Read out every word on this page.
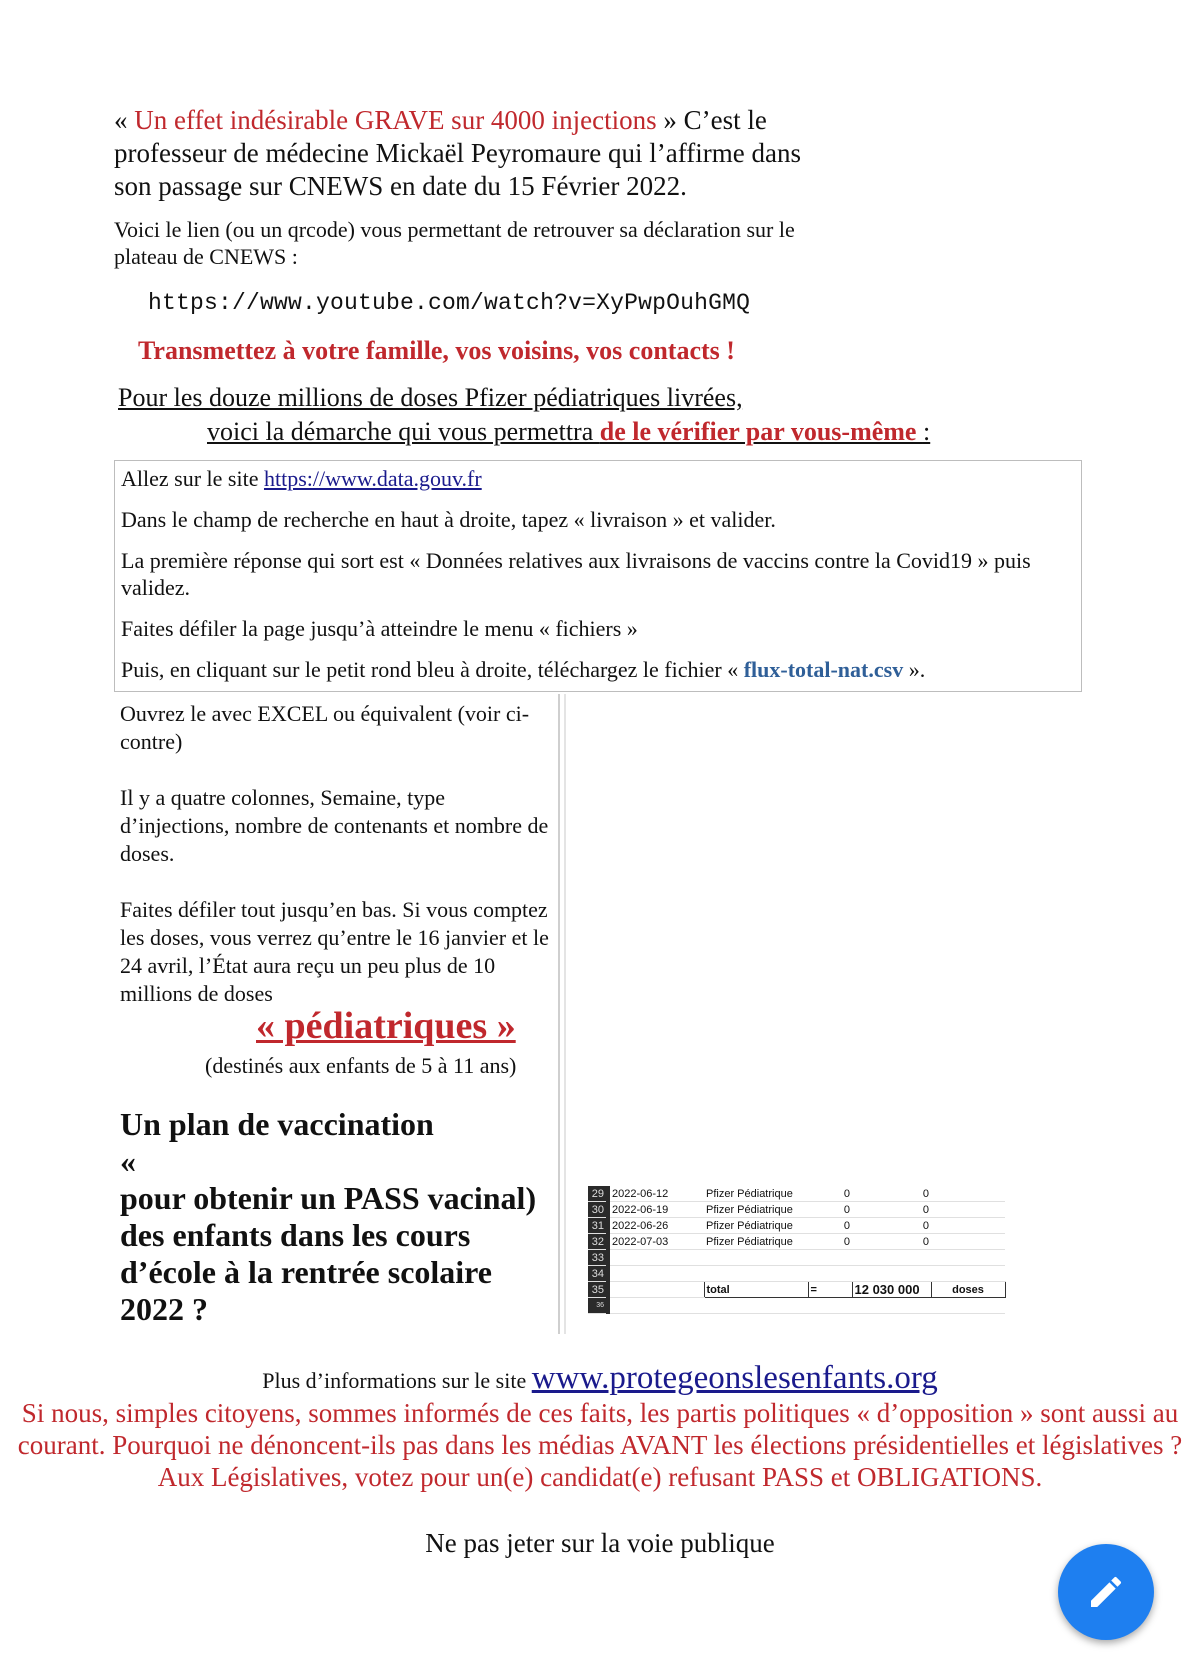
« Un effet indésirable GRAVE sur 4000 injections » C’est le professeur de médecine Mickaël Peyromaure qui l’affirme dans son passage sur CNEWS en date du 15 Février 2022.
Voici le lien (ou un qrcode) vous permettant de retrouver sa déclaration sur le plateau de CNEWS :
https://www.youtube.com/watch?v=XyPwpOuhGMQ
Transmettez à votre famille, vos voisins, vos contacts !
Pour les douze millions de doses Pfizer pédiatriques livrées,
voici la démarche qui vous permettra de le vérifier par vous-même :

Allez sur le site https://www.data.gouv.fr

Dans le champ de recherche en haut à droite, tapez « livraison » et valider.

La première réponse qui sort est « Données relatives aux livraisons de vaccins contre la Covid19 » puis validez.

Faites défiler la page jusqu’à atteindre le menu « fichiers »

Puis, en cliquant sur le petit rond bleu à droite, téléchargez le fichier « flux-total-nat.csv ».

Ouvrez le avec EXCEL ou équivalent (voir ci-contre)

Il y a quatre colonnes, Semaine, type d’injections, nombre de contenants et nombre de doses.

Faites défiler tout jusqu’en bas. Si vous comptez les doses, vous verrez qu’entre le 16 janvier et le 24 avril, l’État aura reçu un peu plus de 10 millions de doses

« pédiatriques »
(destinés aux enfants de 5 à 11 ans)
Un plan de vaccination
«
pour obtenir un PASS vacinal) des enfants dans les cours d’école à la rentrée scolaire 2022 ?
29	2022-06-12	Pfizer Pédiatrique	0	0	
30	2022-06-19	Pfizer Pédiatrique	0	0	
31	2022-06-26	Pfizer Pédiatrique	0	0	
32	2022-07-03	Pfizer Pédiatrique	0	0	
33					
34					
35		total	=	12 030 000	doses
36					
Plus d’informations sur le site www.protegeonslesenfants.org
Si nous, simples citoyens, sommes informés de ces faits, les partis politiques « d’opposition » sont aussi au courant. Pourquoi ne dénoncent-ils pas dans les médias AVANT les élections présidentielles et législatives ? Aux Législatives, votez pour un(e) candidat(e) refusant PASS et OBLIGATIONS.
Ne pas jeter sur la voie publique
